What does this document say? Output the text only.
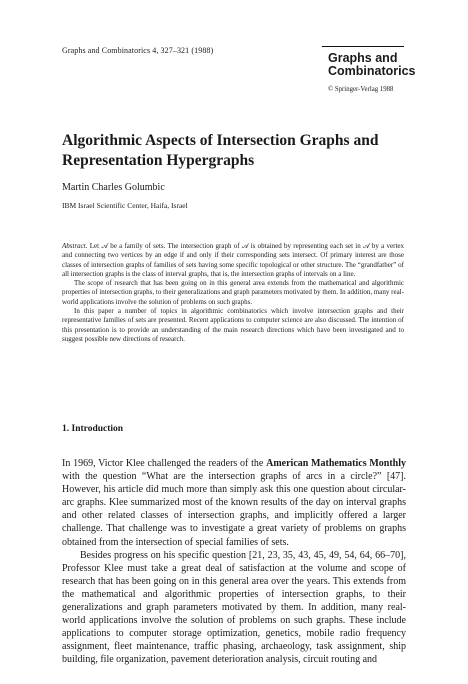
Graphs and Combinatorics 4, 327–321 (1988)
Graphs and
Combinatorics
© Springer-Verlag 1988
Algorithmic Aspects of Intersection Graphs and Representation Hypergraphs
Martin Charles Golumbic
IBM Israel Scientific Center, Haifa, Israel

Abstract. Let 𝒜 be a family of sets. The intersection graph of 𝒜 is obtained by representing each set in 𝒜 by a vertex and connecting two vertices by an edge if and only if their corresponding sets intersect. Of primary interest are those classes of intersection graphs of families of sets having some specific topological or other structure. The “grandfather” of all intersection graphs is the class of interval graphs, that is, the intersection graphs of intervals on a line.

The scope of research that has been going on in this general area extends from the mathematical and algorithmic properties of intersection graphs, to their generalizations and graph parameters motivated by them. In addition, many real-world applications involve the solution of problems on such graphs.

In this paper a number of topics in algorithmic combinatorics which involve intersection graphs and their representative families of sets are presented. Recent applications to computer science are also discussed. The intention of this presentation is to provide an understanding of the main research directions which have been investigated and to suggest possible new directions of research.

1. Introduction

In 1969, Victor Klee challenged the readers of the American Mathematics Monthly with the question “What are the intersection graphs of arcs in a circle?” [47]. However, his article did much more than simply ask this one question about circular-arc graphs. Klee summarized most of the known results of the day on interval graphs and other related classes of intersection graphs, and implicitly offered a larger challenge. That challenge was to investigate a great variety of problems on graphs obtained from the intersection of special families of sets.

Besides progress on his specific question [21, 23, 35, 43, 45, 49, 54, 64, 66–70], Professor Klee must take a great deal of satisfaction at the volume and scope of research that has been going on in this general area over the years. This extends from the mathematical and algorithmic properties of intersection graphs, to their generalizations and graph parameters motivated by them. In addition, many real-world applications involve the solution of problems on such graphs. These include applications to computer storage optimization, genetics, mobile radio frequency assignment, fleet maintenance, traffic phasing, archaeology, task assignment, ship building, file organization, pavement deterioration analysis, circuit routing and
